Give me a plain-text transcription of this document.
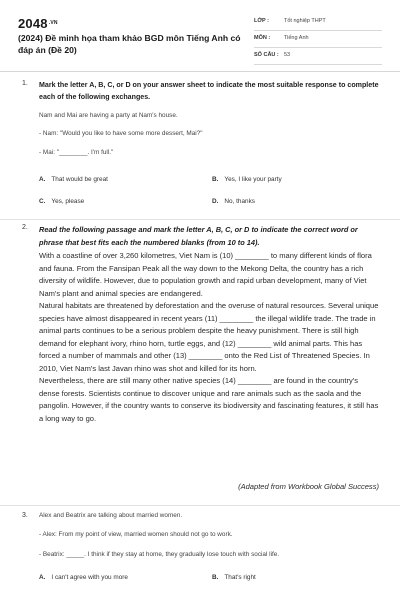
$2048^{.VN}$
(2024) Đề minh họa tham khảo BGD môn Tiếng Anh có đáp án (Đề 20)
LỚP :	Tốt nghiệp THPT
MÔN :	Tiếng Anh
SỐ CÂU : 53
1. Mark the letter A, B, C, or D on your answer sheet to indicate the most suitable response to complete each of the following exchanges.
Nam and Mai are having a party at Nam's house.
- Nam: "Would you like to have some more dessert, Mai?"
- Mai: "________. I'm full."
A. That would be great	B. Yes, I like your party
C. Yes, please	D. No, thanks
2. Read the following passage and mark the letter A, B, C, or D to indicate the correct word or phrase that best fits each the numbered blanks (from 10 to 14).

With a coastline of over 3,260 kilometres, Viet Nam is (10) ________ to many different kinds of flora and fauna. From the Fansipan Peak all the way down to the Mekong Delta, the country has a rich diversity of wildlife. However, due to population growth and rapid urban development, many of Viet Nam's plant and animal species are endangered.

Natural habitats are threatened by deforestation and the overuse of natural resources. Several unique species have almost disappeared in recent years (11) ________ the illegal wildlife trade. The trade in animal parts continues to be a serious problem despite the heavy punishment. There is still high demand for elephant ivory, rhino horn, turtle eggs, and (12) ________ wild animal parts. This has forced a number of mammals and other (13) ________ onto the Red List of Threatened Species. In 2010, Viet Nam's last Javan rhino was shot and killed for its horn.

Nevertheless, there are still many other native species (14) ________ are found in the country's dense forests. Scientists continue to discover unique and rare animals such as the saola and the pangolin. However, if the country wants to conserve its biodiversity and fascinating features, it still has a long way to go.

(Adapted from Workbook Global Success)
3. Alex and Beatrix are talking about married women.
- Alex: From my point of view, married women should not go to work.
- Beatrix: _____. I think if they stay at home, they gradually lose touch with social life.
A. I can't agree with you more	B. That's right
